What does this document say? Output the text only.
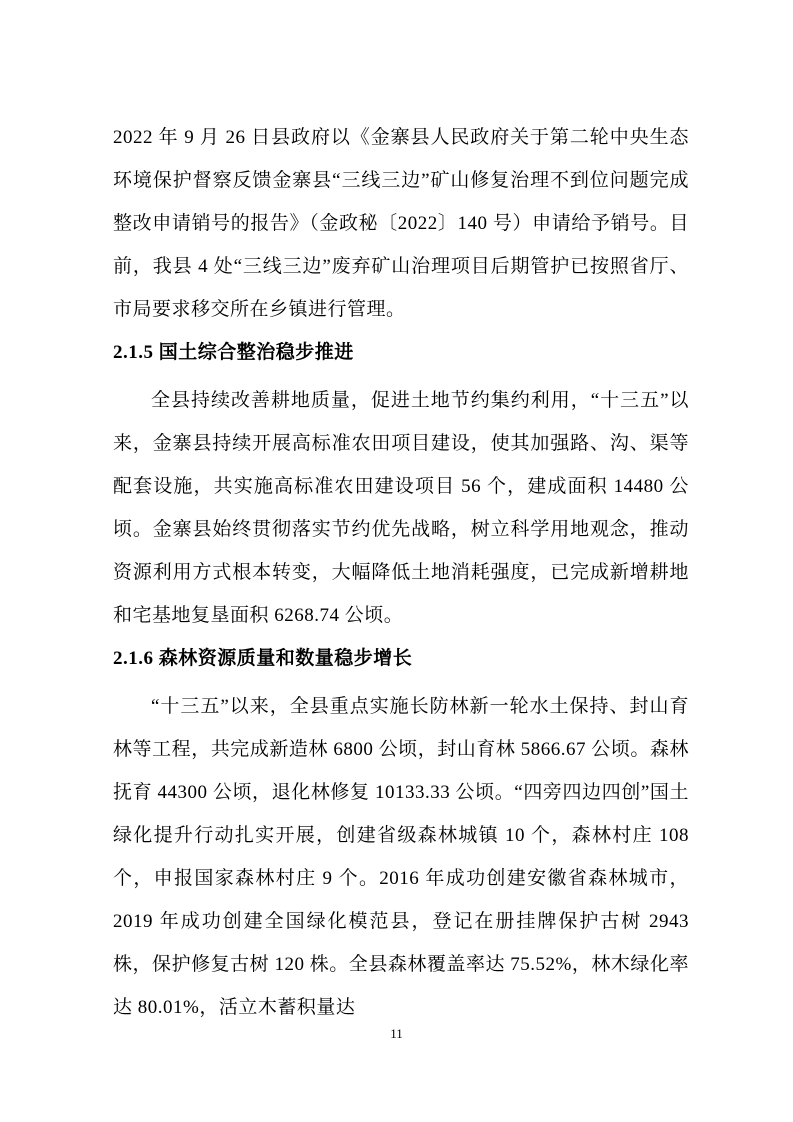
2022 年 9 月 26 日县政府以《金寨县人民政府关于第二轮中央生态环境保护督察反馈金寨县“三线三边”矿山修复治理不到位问题完成整改申请销号的报告》（金政秘〔2022〕140 号）申请给予销号。目前，我县 4 处“三线三边”废弃矿山治理项目后期管护已按照省厅、市局要求移交所在乡镇进行管理。

2.1.5 国土综合整治稳步推进

全县持续改善耕地质量，促进土地节约集约利用，“十三五”以来，金寨县持续开展高标准农田项目建设，使其加强路、沟、渠等配套设施，共实施高标准农田建设项目 56 个，建成面积 14480 公顷。金寨县始终贯彻落实节约优先战略，树立科学用地观念，推动资源利用方式根本转变，大幅降低土地消耗强度，已完成新增耕地和宅基地复垦面积 6268.74 公顷。

2.1.6 森林资源质量和数量稳步增长

“十三五”以来，全县重点实施长防林新一轮水土保持、封山育林等工程，共完成新造林 6800 公顷，封山育林 5866.67 公顷。森林抚育 44300 公顷，退化林修复 10133.33 公顷。“四旁四边四创”国土绿化提升行动扎实开展，创建省级森林城镇 10 个，森林村庄 108 个，申报国家森林村庄 9 个。2016 年成功创建安徽省森林城市，2019 年成功创建全国绿化模范县，登记在册挂牌保护古树 2943 株，保护修复古树 120 株。全县森林覆盖率达 75.52%，林木绿化率达 80.01%，活立木蓄积量达

11
